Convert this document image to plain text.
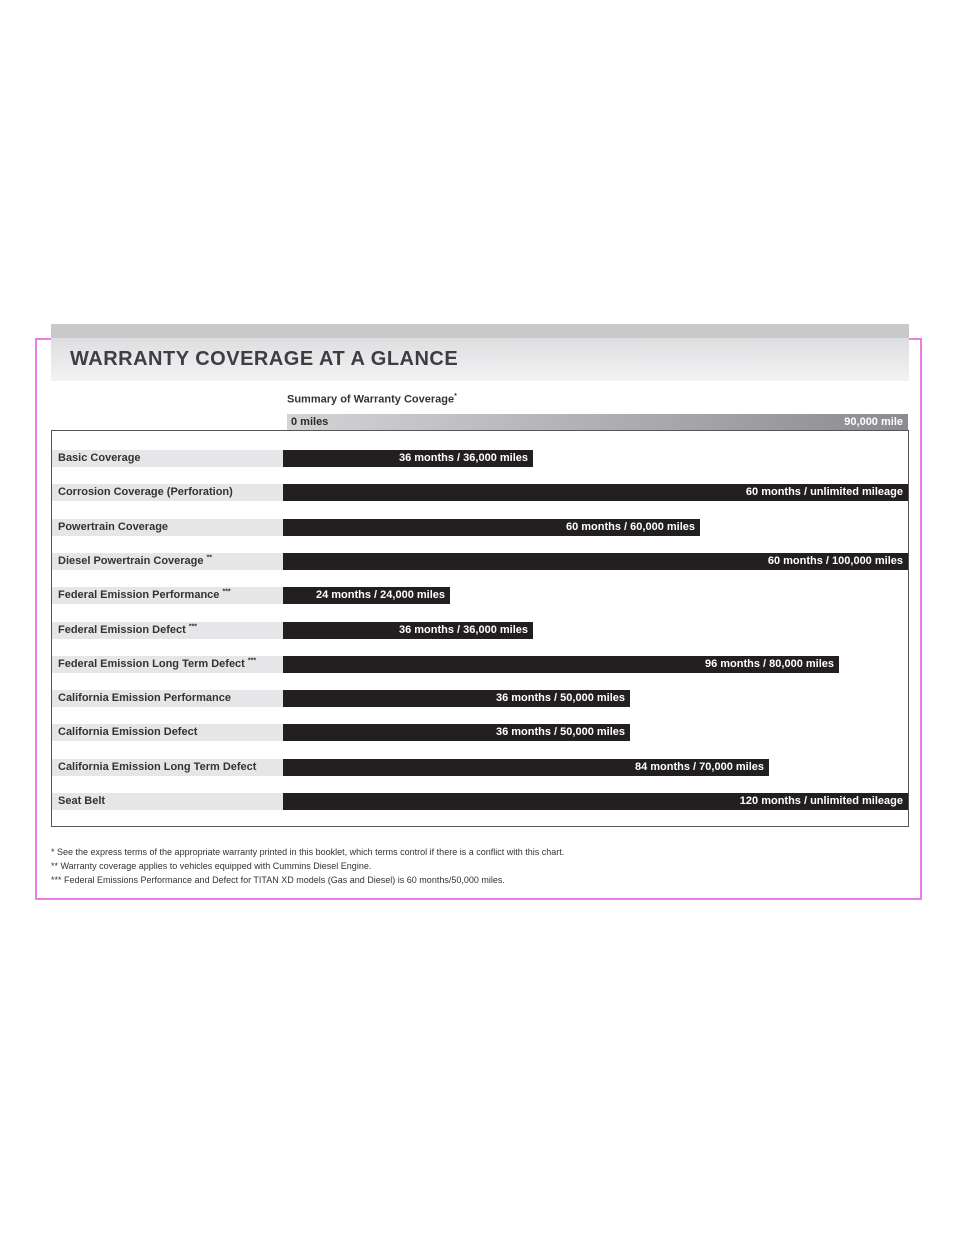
WARRANTY COVERAGE AT A GLANCE
Summary of Warranty Coverage*
0 miles	90,000 mile
Basic Coverage	36 months / 36,000 miles
Corrosion Coverage (Perforation)	60 months / unlimited mileage
Powertrain Coverage	60 months / 60,000 miles
Diesel Powertrain Coverage **	60 months / 100,000 miles
Federal Emission Performance ***	24 months / 24,000 miles
Federal Emission Defect ***	36 months / 36,000 miles
Federal Emission Long Term Defect ***	96 months / 80,000 miles
California Emission Performance	36 months / 50,000 miles
California Emission Defect	36 months / 50,000 miles
California Emission Long Term Defect	84 months / 70,000 miles
Seat Belt	120 months / unlimited mileage
* See the express terms of the appropriate warranty printed in this booklet, which terms control if there is a conflict with this chart.
** Warranty coverage applies to vehicles equipped with Cummins Diesel Engine.
*** Federal Emissions Performance and Defect for TITAN XD models (Gas and Diesel) is 60 months/50,000 miles.
